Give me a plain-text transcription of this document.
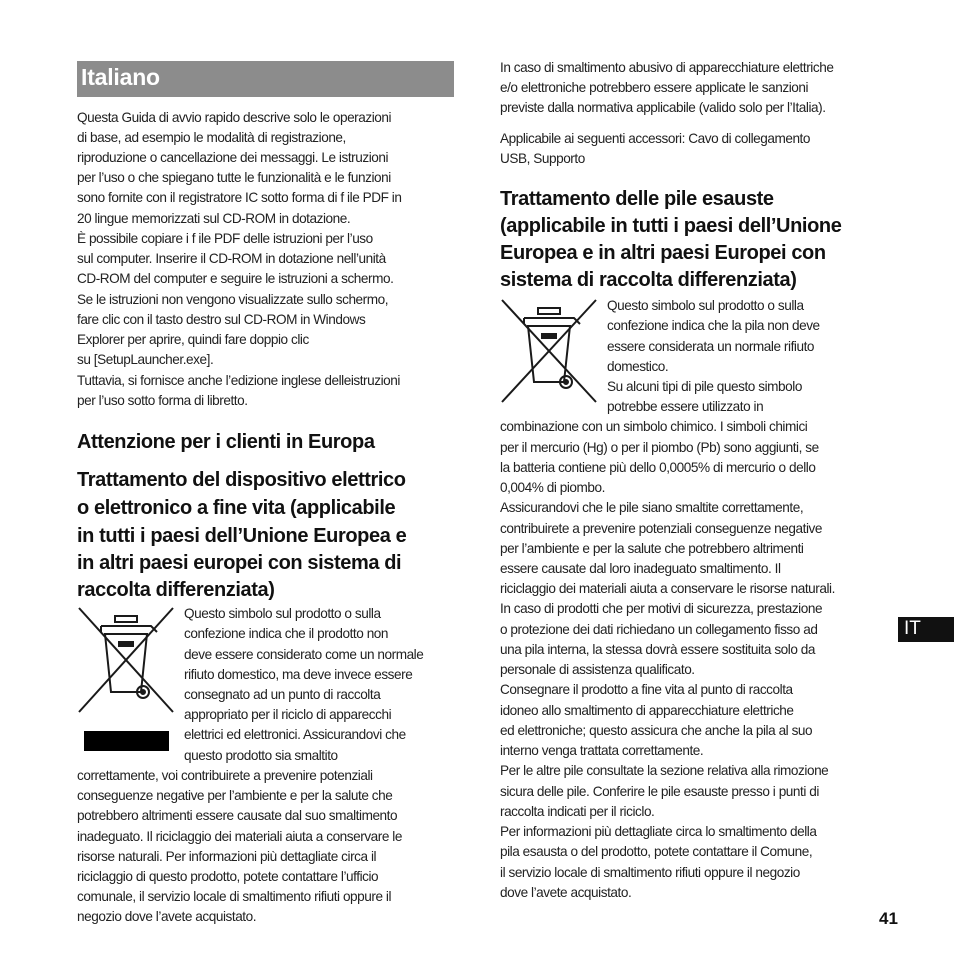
Italiano
Questa Guida di avvio rapido descrive solo le operazioni
di base, ad esempio le modalità di registrazione,
riproduzione o cancellazione dei messaggi. Le istruzioni
per l’uso o che spiegano tutte le funzionalità e le funzioni
sono fornite con il registratore IC sotto forma di f ile PDF in
20 lingue memorizzati sul CD-ROM in dotazione.
È possibile copiare i f ile PDF delle istruzioni per l’uso
sul computer. Inserire il CD-ROM in dotazione nell’unità
CD-ROM del computer e seguire le istruzioni a schermo.
Se le istruzioni non vengono visualizzate sullo schermo,
fare clic con il tasto destro sul CD-ROM in Windows
Explorer per aprire, quindi fare doppio clic
su [SetupLauncher.exe].
Tuttavia, si fornisce anche l’edizione inglese delleistruzioni
per l’uso sotto forma di libretto.
Attenzione per i clienti in Europa
Trattamento del dispositivo elettrico
o elettronico a fine vita (applicabile
in tutti i paesi dell’Unione Europea e
in altri paesi europei con sistema di
raccolta differenziata)
Questo simbolo sul prodotto o sulla
confezione indica che il prodotto non
deve essere considerato come un normale
rifiuto domestico, ma deve invece essere
consegnato ad un punto di raccolta
appropriato per il riciclo di apparecchi
elettrici ed elettronici. Assicurandovi che
questo prodotto sia smaltito
correttamente, voi contribuirete a prevenire potenziali
conseguenze negative per l’ambiente e per la salute che
potrebbero altrimenti essere causate dal suo smaltimento
inadeguato. Il riciclaggio dei materiali aiuta a conservare le
risorse naturali. Per informazioni più dettagliate circa il
riciclaggio di questo prodotto, potete contattare l’ufficio
comunale, il servizio locale di smaltimento rifiuti oppure il
negozio dove l’avete acquistato.
In caso di smaltimento abusivo di apparecchiature elettriche
e/o elettroniche potrebbero essere applicate le sanzioni
previste dalla normativa applicabile (valido solo per l’Italia).
Applicabile ai seguenti accessori: Cavo di collegamento
USB, Supporto
Trattamento delle pile esauste
(applicabile in tutti i paesi dell’Unione
Europea e in altri paesi Europei con
sistema di raccolta differenziata)
Questo simbolo sul prodotto o sulla
confezione indica che la pila non deve
essere considerata un normale rifiuto
domestico.
Su alcuni tipi di pile questo simbolo
potrebbe essere utilizzato in
combinazione con un simbolo chimico. I simboli chimici
per il mercurio (Hg) o per il piombo (Pb) sono aggiunti, se
la batteria contiene più dello 0,0005% di mercurio o dello
0,004% di piombo.
Assicurandovi che le pile siano smaltite correttamente,
contribuirete a prevenire potenziali conseguenze negative
per l’ambiente e per la salute che potrebbero altrimenti
essere causate dal loro inadeguato smaltimento. Il
riciclaggio dei materiali aiuta a conservare le risorse naturali.
In caso di prodotti che per motivi di sicurezza, prestazione
o protezione dei dati richiedano un collegamento fisso ad
una pila interna, la stessa dovrà essere sostituita solo da
personale di assistenza qualificato.
Consegnare il prodotto a fine vita al punto di raccolta
idoneo allo smaltimento di apparecchiature elettriche
ed elettroniche; questo assicura che anche la pila al suo
interno venga trattata correttamente.
Per le altre pile consultate la sezione relativa alla rimozione
sicura delle pile. Conferire le pile esauste presso i punti di
raccolta indicati per il riciclo.
Per informazioni più dettagliate circa lo smaltimento della
pila esausta o del prodotto, potete contattare il Comune,
il servizio locale di smaltimento rifiuti oppure il negozio
dove l’avete acquistato.
IT
41
